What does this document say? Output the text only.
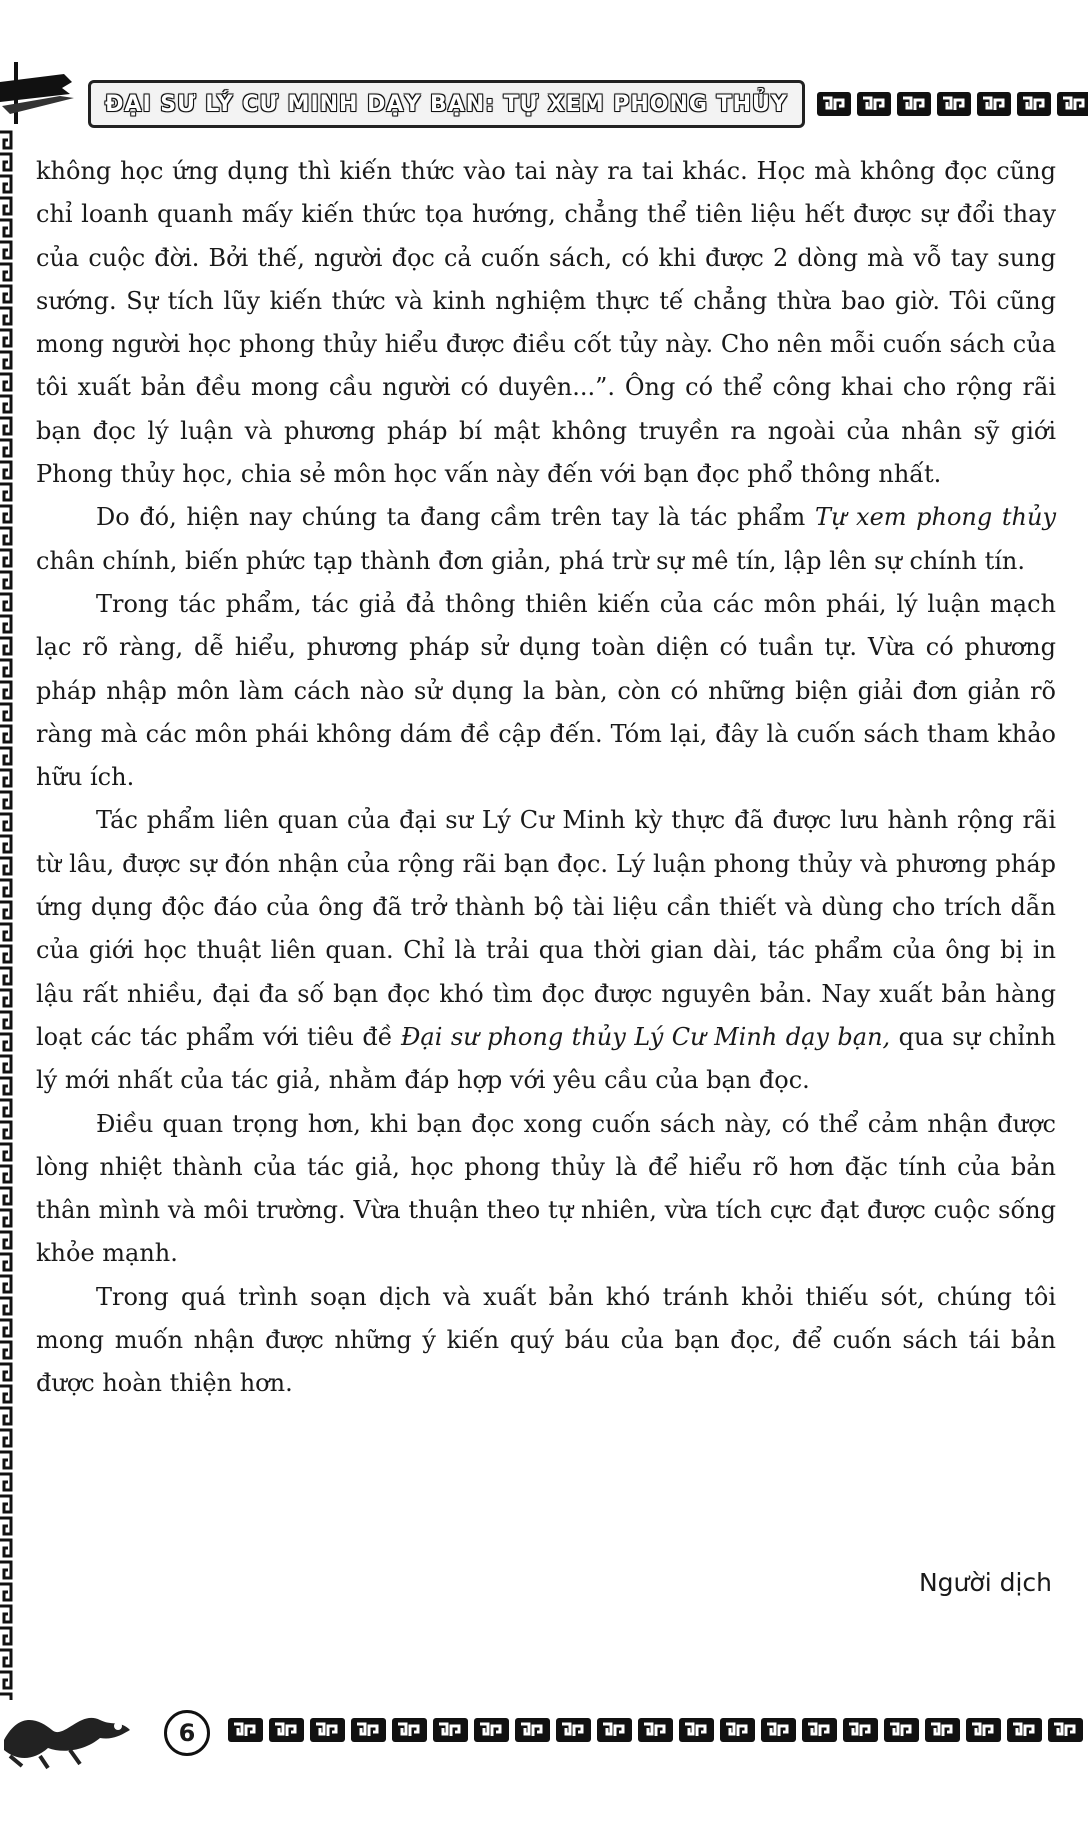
ĐẠI SƯ LÝ CƯ MINH DẠY BẠN: TỰ XEM PHONG THỦY

không học ứng dụng thì kiến thức vào tai này ra tai khác. Học mà không đọc cũng chỉ loanh quanh mấy kiến thức tọa hướng, chẳng thể tiên liệu hết được sự đổi thay của cuộc đời. Bởi thế, người đọc cả cuốn sách, có khi được 2 dòng mà vỗ tay sung sướng. Sự tích lũy kiến thức và kinh nghiệm thực tế chẳng thừa bao giờ. Tôi cũng mong người học phong thủy hiểu được điều cốt tủy này. Cho nên mỗi cuốn sách của tôi xuất bản đều mong cầu người có duyên...”. Ông có thể công khai cho rộng rãi bạn đọc lý luận và phương pháp bí mật không truyền ra ngoài của nhân sỹ giới Phong thủy học, chia sẻ môn học vấn này đến với bạn đọc phổ thông nhất.

Do đó, hiện nay chúng ta đang cầm trên tay là tác phẩm Tự xem phong thủy chân chính, biến phức tạp thành đơn giản, phá trừ sự mê tín, lập lên sự chính tín.

Trong tác phẩm, tác giả đả thông thiên kiến của các môn phái, lý luận mạch lạc rõ ràng, dễ hiểu, phương pháp sử dụng toàn diện có tuần tự. Vừa có phương pháp nhập môn làm cách nào sử dụng la bàn, còn có những biện giải đơn giản rõ ràng mà các môn phái không dám đề cập đến. Tóm lại, đây là cuốn sách tham khảo hữu ích.

Tác phẩm liên quan của đại sư Lý Cư Minh kỳ thực đã được lưu hành rộng rãi từ lâu, được sự đón nhận của rộng rãi bạn đọc. Lý luận phong thủy và phương pháp ứng dụng độc đáo của ông đã trở thành bộ tài liệu cần thiết và dùng cho trích dẫn của giới học thuật liên quan. Chỉ là trải qua thời gian dài, tác phẩm của ông bị in lậu rất nhiều, đại đa số bạn đọc khó tìm đọc được nguyên bản. Nay xuất bản hàng loạt các tác phẩm với tiêu đề Đại sư phong thủy Lý Cư Minh dạy bạn, qua sự chỉnh lý mới nhất của tác giả, nhằm đáp hợp với yêu cầu của bạn đọc.

Điều quan trọng hơn, khi bạn đọc xong cuốn sách này, có thể cảm nhận được lòng nhiệt thành của tác giả, học phong thủy là để hiểu rõ hơn đặc tính của bản thân mình và môi trường. Vừa thuận theo tự nhiên, vừa tích cực đạt được cuộc sống khỏe mạnh.

Trong quá trình soạn dịch và xuất bản khó tránh khỏi thiếu sót, chúng tôi mong muốn nhận được những ý kiến quý báu của bạn đọc, để cuốn sách tái bản được hoàn thiện hơn.

Người dịch
6
